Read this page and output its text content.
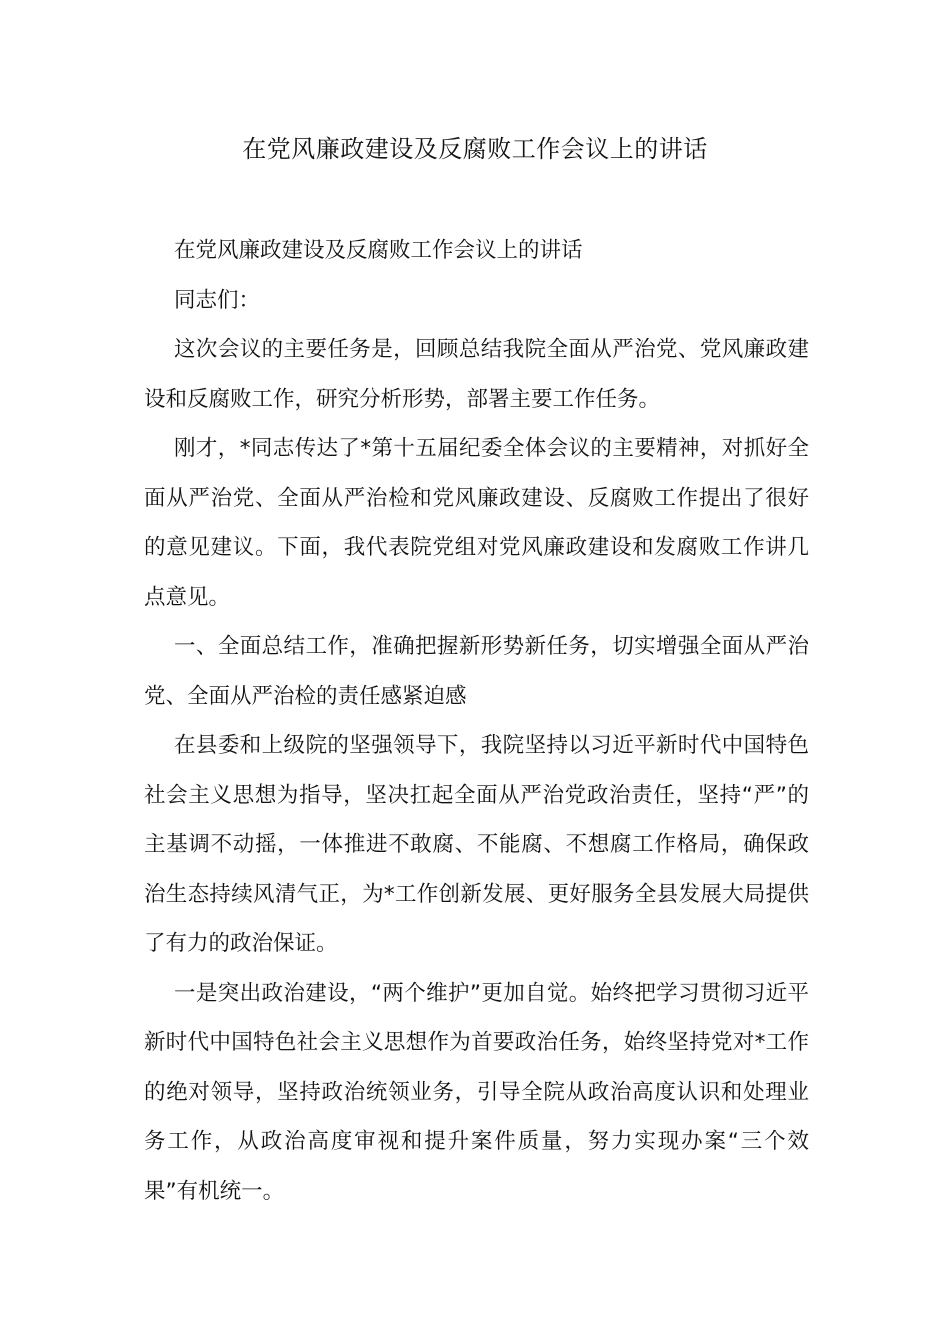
在党风廉政建设及反腐败工作会议上的讲话

在党风廉政建设及反腐败工作会议上的讲话

同志们：

这次会议的主要任务是，回顾总结我院全面从严治党、党风廉政建设和反腐败工作，研究分析形势，部署主要工作任务。

刚才，*同志传达了*第十五届纪委全体会议的主要精神，对抓好全面从严治党、全面从严治检和党风廉政建设、反腐败工作提出了很好的意见建议。下面，我代表院党组对党风廉政建设和发腐败工作讲几点意见。

一、全面总结工作，准确把握新形势新任务，切实增强全面从严治党、全面从严治检的责任感紧迫感

在县委和上级院的坚强领导下，我院坚持以习近平新时代中国特色社会主义思想为指导，坚决扛起全面从严治党政治责任，坚持“严”的主基调不动摇，一体推进不敢腐、不能腐、不想腐工作格局，确保政治生态持续风清气正，为*工作创新发展、更好服务全县发展大局提供了有力的政治保证。

一是突出政治建设，“两个维护”更加自觉。始终把学习贯彻习近平新时代中国特色社会主义思想作为首要政治任务，始终坚持党对*工作的绝对领导，坚持政治统领业务，引导全院从政治高度认识和处理业务工作，从政治高度审视和提升案件质量，努力实现办案“三个效果”有机统一。
